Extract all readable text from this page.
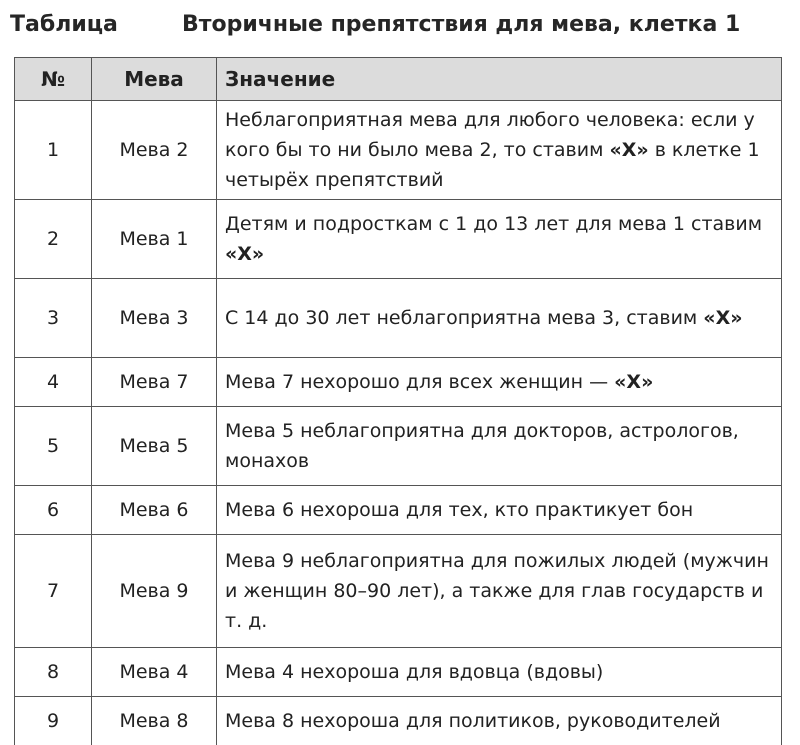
Таблица	Вторичные препятствия для мева, клетка 1
№	Мева	Значение
1	Мева 2	Неблагоприятная мева для любого человека: если у кого бы то ни было мева 2, то ставим «Х» в клетке 1 четырёх препятствий
2	Мева 1	Детям и подросткам с 1 до 13 лет для мева 1 ставим «Х»
3	Мева 3	С 14 до 30 лет неблагоприятна мева 3, ставим «Х»
4	Мева 7	Мева 7 нехорошо для всех женщин — «Х»
5	Мева 5	Мева 5 неблагоприятна для докторов, астрологов, монахов
6	Мева 6	Мева 6 нехороша для тех, кто практикует бон
7	Мева 9	Мева 9 неблагоприятна для пожилых людей (мужчин и женщин 80–90 лет), а также для глав государств и т. д.
8	Мева 4	Мева 4 нехороша для вдовца (вдовы)
9	Мева 8	Мева 8 нехороша для политиков, руководителей
